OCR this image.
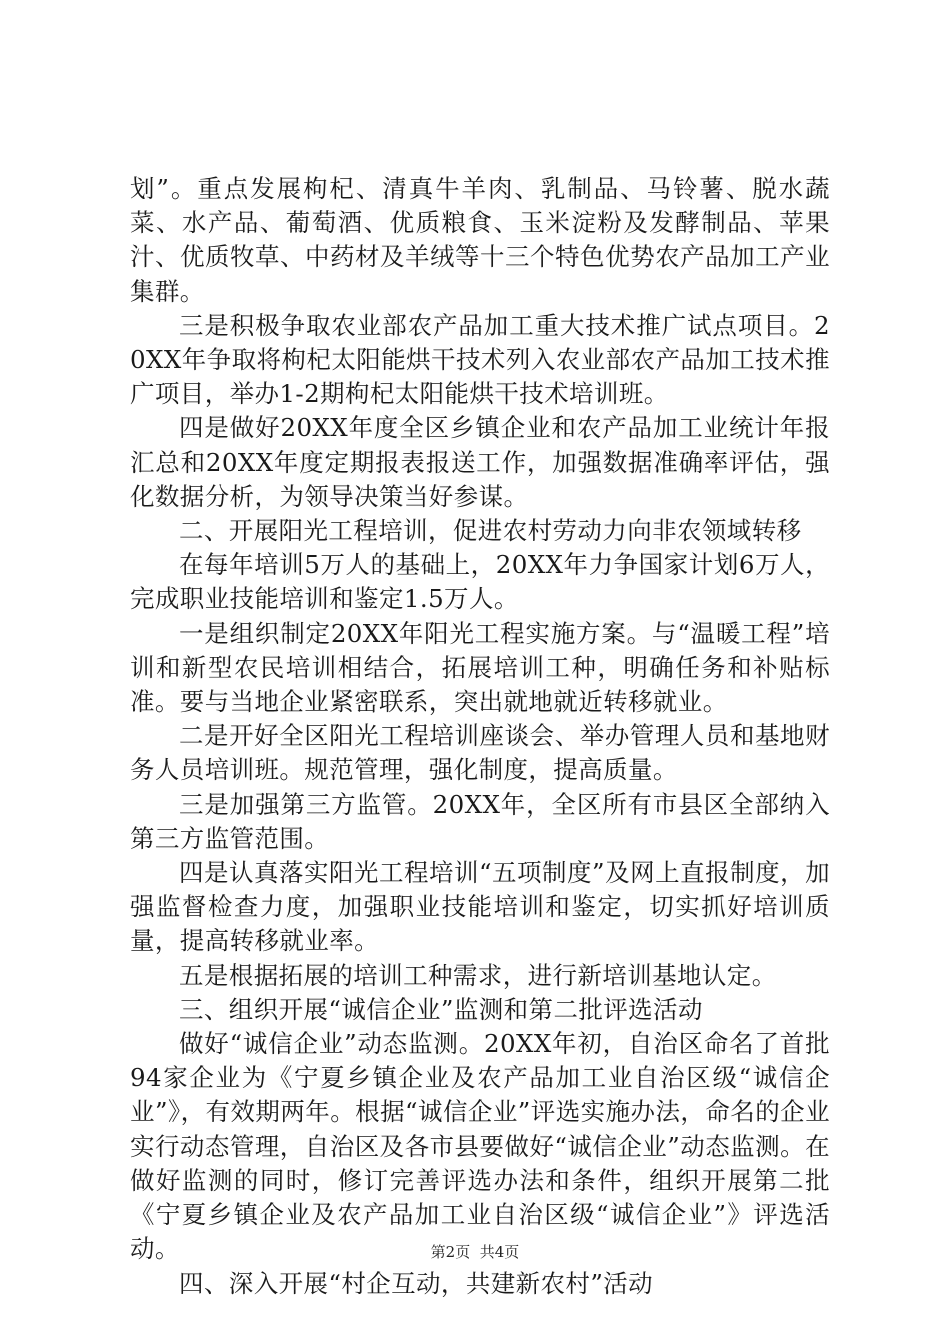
划”。重点发展枸杞、清真牛羊肉、乳制品、马铃薯、脱水蔬菜、水产品、葡萄酒、优质粮食、玉米淀粉及发酵制品、苹果汁、优质牧草、中药材及羊绒等十三个特色优势农产品加工产业集群。

三是积极争取农业部农产品加工重大技术推广试点项目。20XX年争取将枸杞太阳能烘干技术列入农业部农产品加工技术推广项目，举办1-2期枸杞太阳能烘干技术培训班。

四是做好20XX年度全区乡镇企业和农产品加工业统计年报汇总和20XX年度定期报表报送工作，加强数据准确率评估，强化数据分析，为领导决策当好参谋。

二、开展阳光工程培训，促进农村劳动力向非农领域转移

在每年培训5万人的基础上，20XX年力争国家计划6万人，完成职业技能培训和鉴定1.5万人。

一是组织制定20XX年阳光工程实施方案。与“温暖工程”培训和新型农民培训相结合，拓展培训工种，明确任务和补贴标准。要与当地企业紧密联系，突出就地就近转移就业。

二是开好全区阳光工程培训座谈会、举办管理人员和基地财务人员培训班。规范管理，强化制度，提高质量。

三是加强第三方监管。20XX年，全区所有市县区全部纳入第三方监管范围。

四是认真落实阳光工程培训“五项制度”及网上直报制度，加强监督检查力度，加强职业技能培训和鉴定，切实抓好培训质量，提高转移就业率。

五是根据拓展的培训工种需求，进行新培训基地认定。

三、组织开展“诚信企业”监测和第二批评选活动

做好“诚信企业”动态监测。20XX年初，自治区命名了首批94家企业为《宁夏乡镇企业及农产品加工业自治区级“诚信企业”》，有效期两年。根据“诚信企业”评选实施办法，命名的企业实行动态管理，自治区及各市县要做好“诚信企业”动态监测。在做好监测的同时，修订完善评选办法和条件，组织开展第二批《宁夏乡镇企业及农产品加工业自治区级“诚信企业”》评选活动。

四、深入开展“村企互动，共建新农村”活动

第2页 共4页
